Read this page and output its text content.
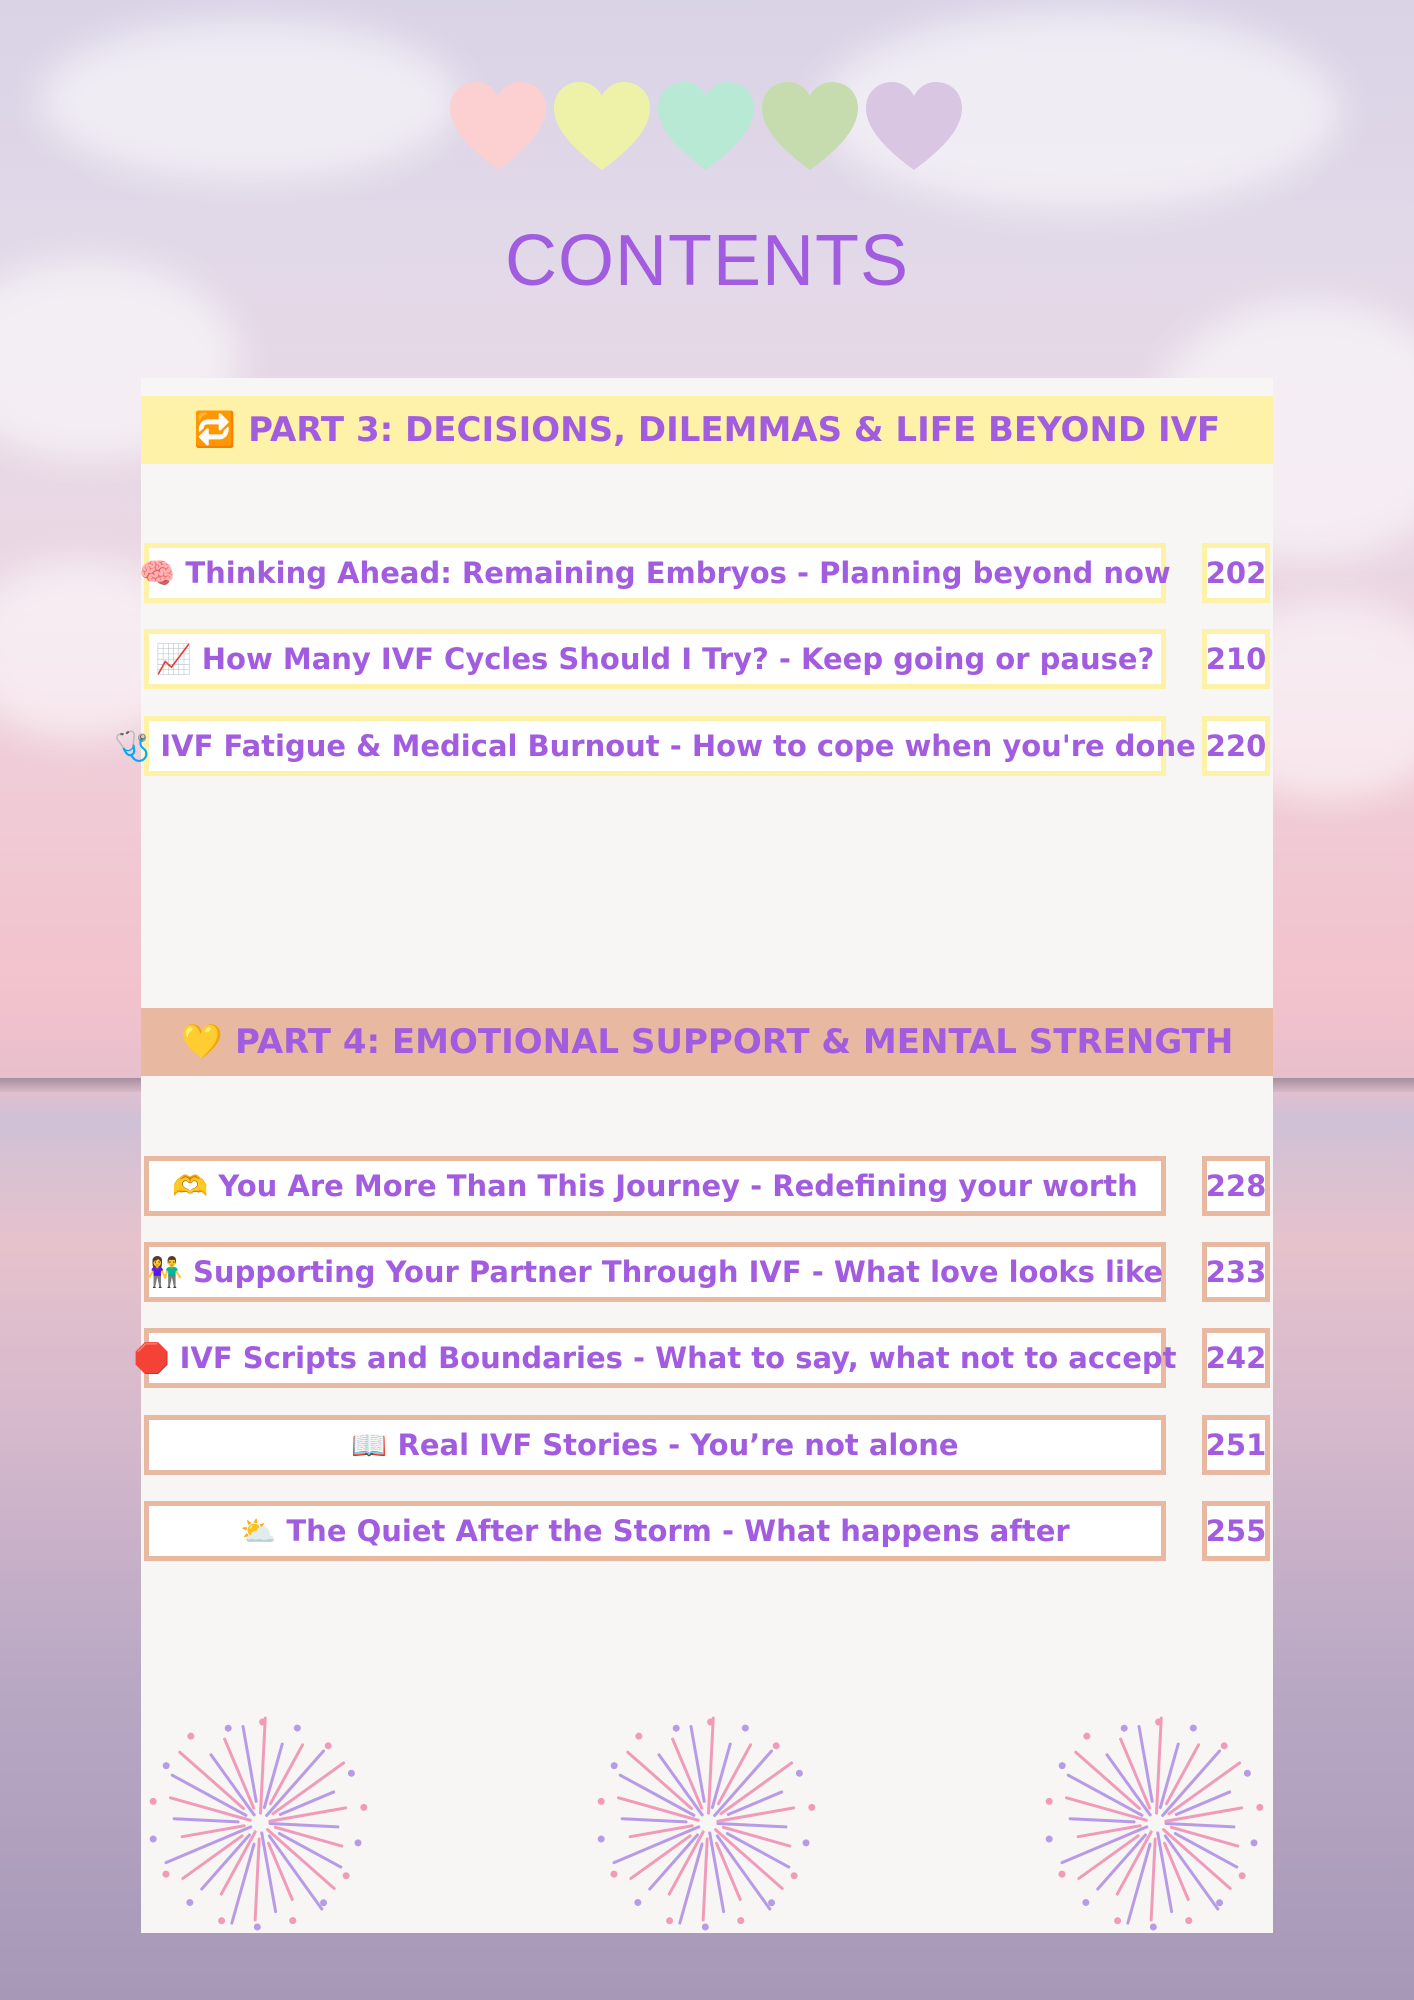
CONTENTS
🔁 PART 3: DECISIONS, DILEMMAS & LIFE BEYOND IVF
🧠 Thinking Ahead: Remaining Embryos - Planning beyond now 202
📈 How Many IVF Cycles Should I Try? - Keep going or pause? 210
🩺 IVF Fatigue & Medical Burnout - How to cope when you're done 220
💛 PART 4: EMOTIONAL SUPPORT & MENTAL STRENGTH
🫶 You Are More Than This Journey - Redefining your worth 228
👫 Supporting Your Partner Through IVF - What love looks like 233
🛑 IVF Scripts and Boundaries - What to say, what not to accept 242
📖 Real IVF Stories - You’re not alone	251
⛅ The Quiet After the Storm - What happens after	255
